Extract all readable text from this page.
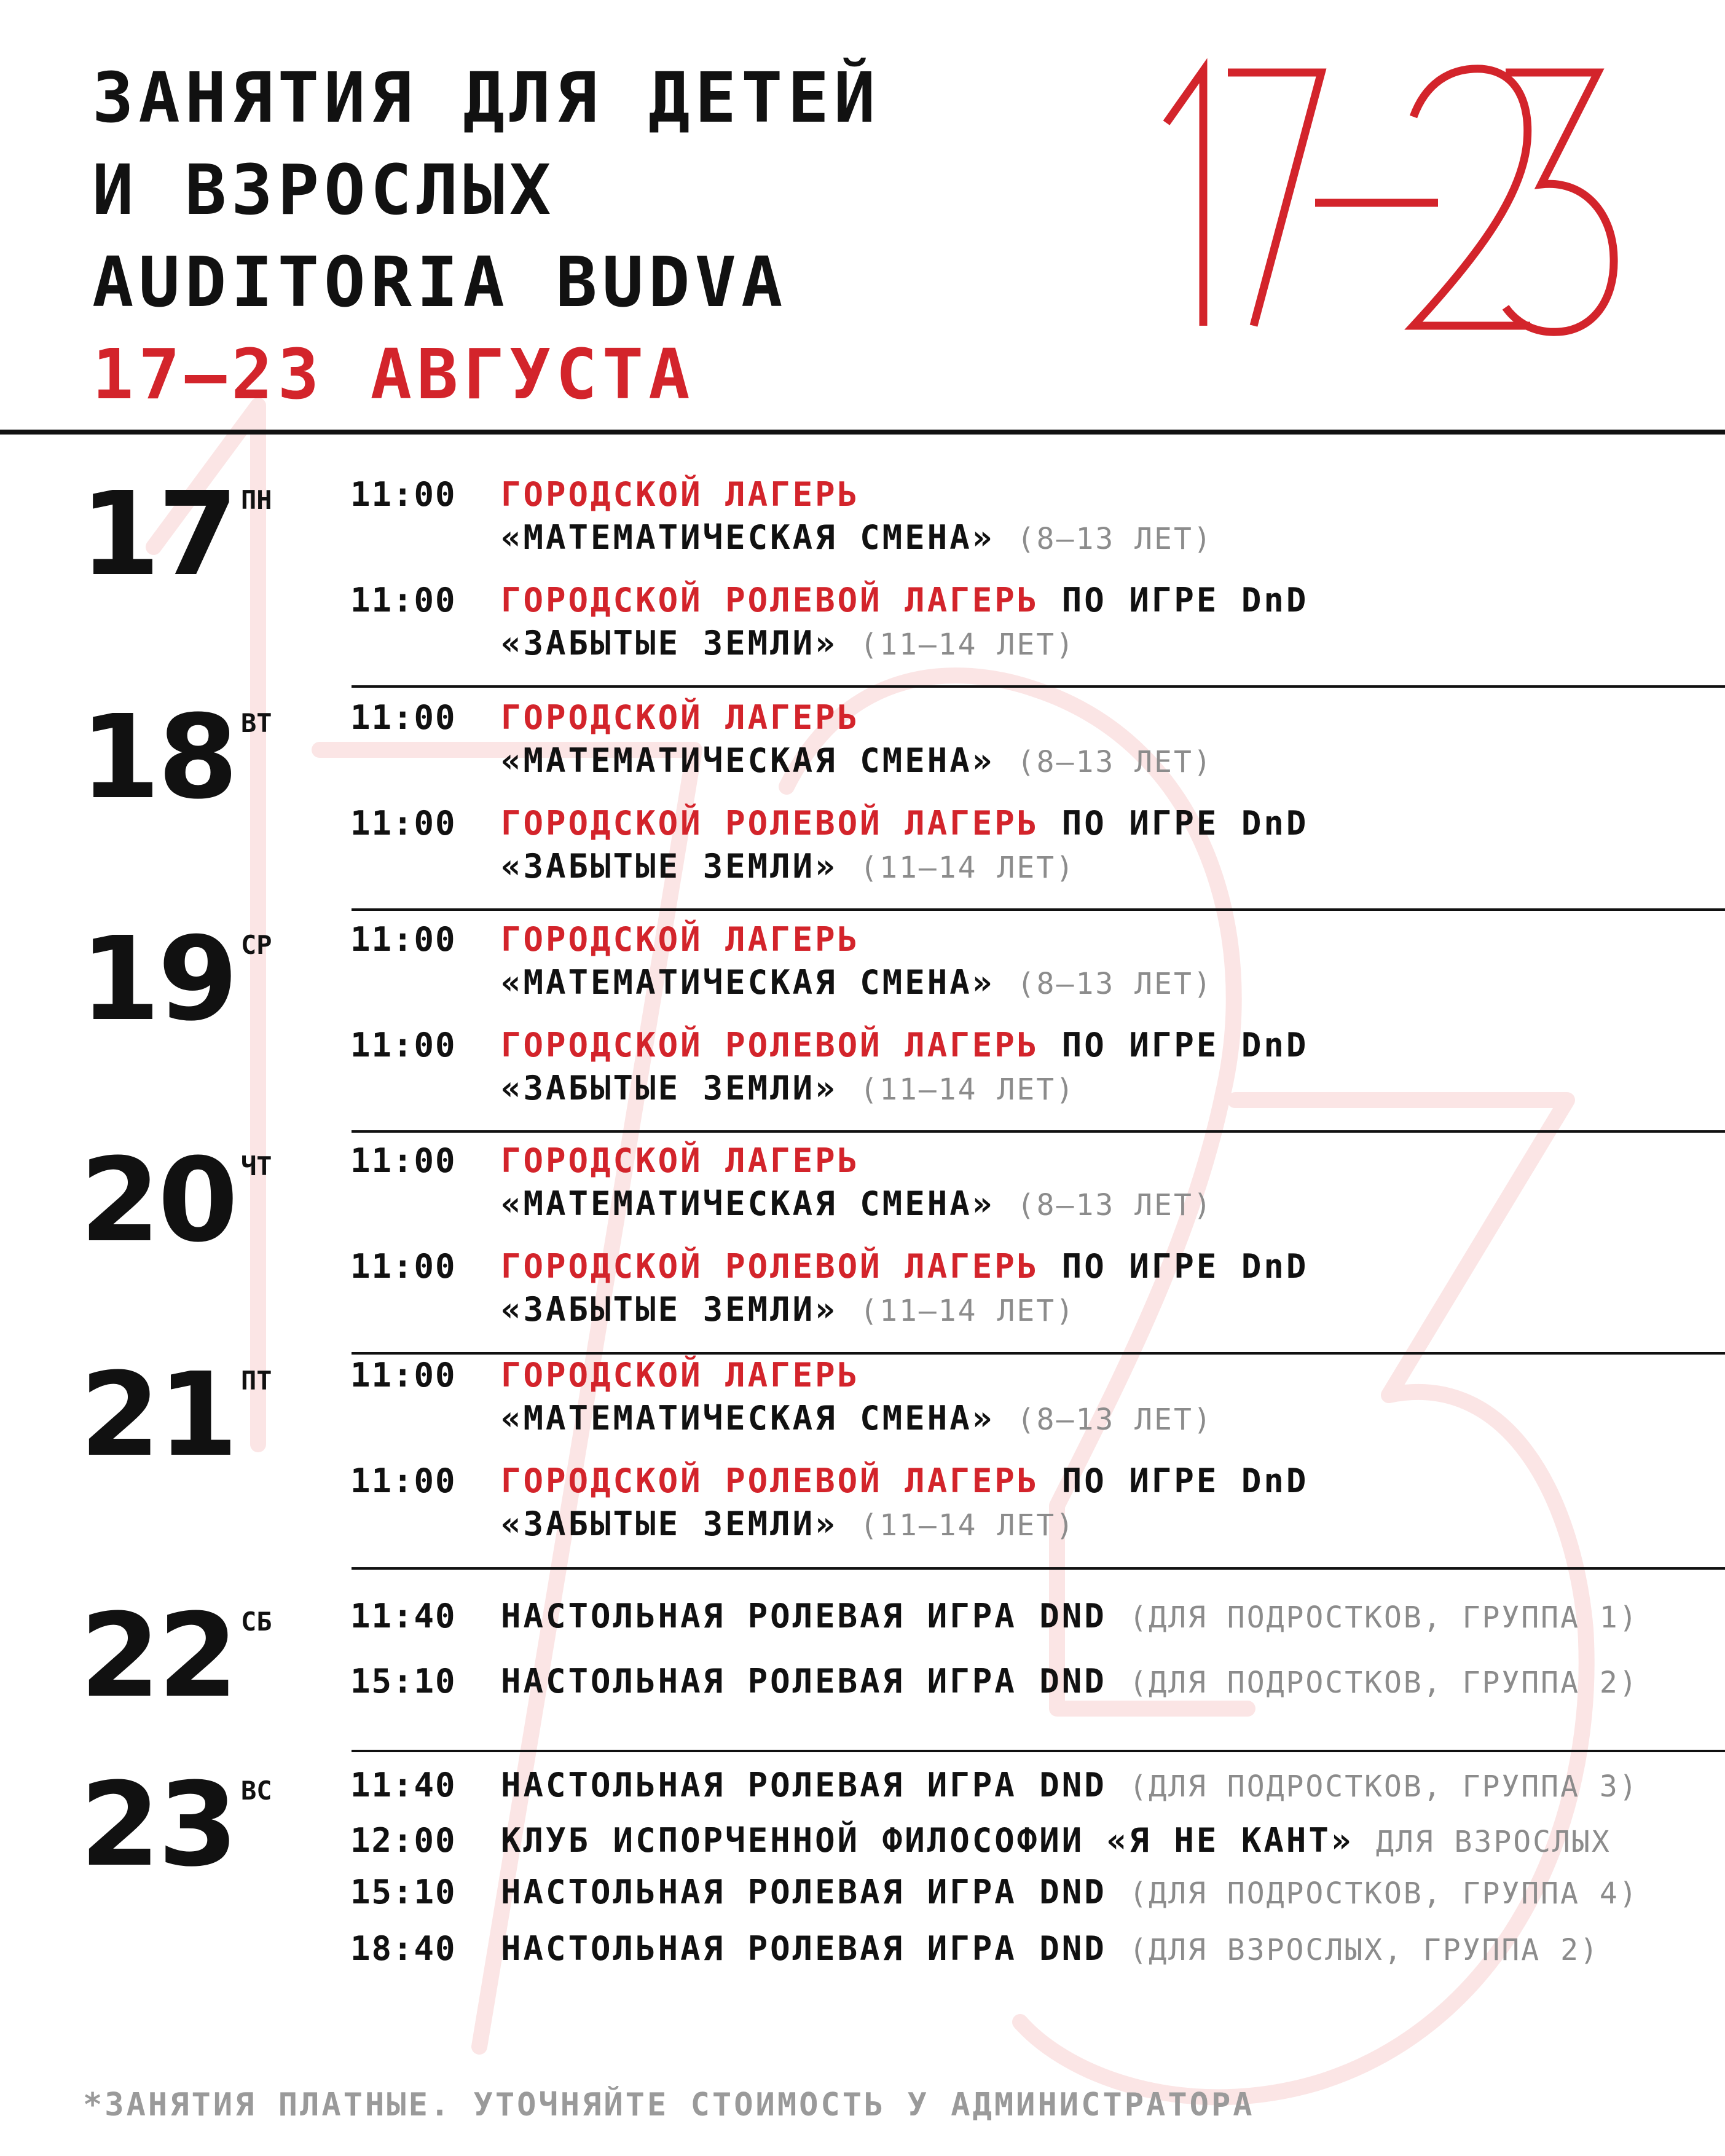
ЗАНЯТИЯ ДЛЯ ДЕТЕЙ
И ВЗРОСЛЫХ
AUDITORIA BUDVA
17—23 АВГУСТА
17 ПН 11:00 ГОРОДСКОЙ ЛАГЕРЬ
«МАТЕМАТИЧЕСКАЯ СМЕНА» (8—13 ЛЕТ)
11:00 ГОРОДСКОЙ РОЛЕВОЙ ЛАГЕРЬ ПО ИГРЕ DnD
«ЗАБЫТЫЕ ЗЕМЛИ» (11—14 ЛЕТ)
18 ВТ 11:00 ГОРОДСКОЙ ЛАГЕРЬ
«МАТЕМАТИЧЕСКАЯ СМЕНА» (8—13 ЛЕТ)
11:00 ГОРОДСКОЙ РОЛЕВОЙ ЛАГЕРЬ ПО ИГРЕ DnD
«ЗАБЫТЫЕ ЗЕМЛИ» (11—14 ЛЕТ)
19 СР 11:00 ГОРОДСКОЙ ЛАГЕРЬ
«МАТЕМАТИЧЕСКАЯ СМЕНА» (8—13 ЛЕТ)
11:00 ГОРОДСКОЙ РОЛЕВОЙ ЛАГЕРЬ ПО ИГРЕ DnD
«ЗАБЫТЫЕ ЗЕМЛИ» (11—14 ЛЕТ)
20 ЧТ 11:00 ГОРОДСКОЙ ЛАГЕРЬ
«МАТЕМАТИЧЕСКАЯ СМЕНА» (8—13 ЛЕТ)
11:00 ГОРОДСКОЙ РОЛЕВОЙ ЛАГЕРЬ ПО ИГРЕ DnD
«ЗАБЫТЫЕ ЗЕМЛИ» (11—14 ЛЕТ)
21 ПТ 11:00 ГОРОДСКОЙ ЛАГЕРЬ
«МАТЕМАТИЧЕСКАЯ СМЕНА» (8—13 ЛЕТ)
11:00 ГОРОДСКОЙ РОЛЕВОЙ ЛАГЕРЬ ПО ИГРЕ DnD
«ЗАБЫТЫЕ ЗЕМЛИ» (11—14 ЛЕТ)
22 СБ 11:40 НАСТОЛЬНАЯ РОЛЕВАЯ ИГРА DND (ДЛЯ ПОДРОСТКОВ, ГРУППА 1)
15:10 НАСТОЛЬНАЯ РОЛЕВАЯ ИГРА DND (ДЛЯ ПОДРОСТКОВ, ГРУППА 2)
23 ВС 11:40 НАСТОЛЬНАЯ РОЛЕВАЯ ИГРА DND (ДЛЯ ПОДРОСТКОВ, ГРУППА 3)
12:00 КЛУБ ИСПОРЧЕННОЙ ФИЛОСОФИИ «Я НЕ КАНТ» ДЛЯ ВЗРОСЛЫХ
15:10 НАСТОЛЬНАЯ РОЛЕВАЯ ИГРА DND (ДЛЯ ПОДРОСТКОВ, ГРУППА 4)
18:40 НАСТОЛЬНАЯ РОЛЕВАЯ ИГРА DND (ДЛЯ ВЗРОСЛЫХ, ГРУППА 2)
*ЗАНЯТИЯ ПЛАТНЫЕ. УТОЧНЯЙТЕ СТОИМОСТЬ У АДМИНИСТРАТОРА
